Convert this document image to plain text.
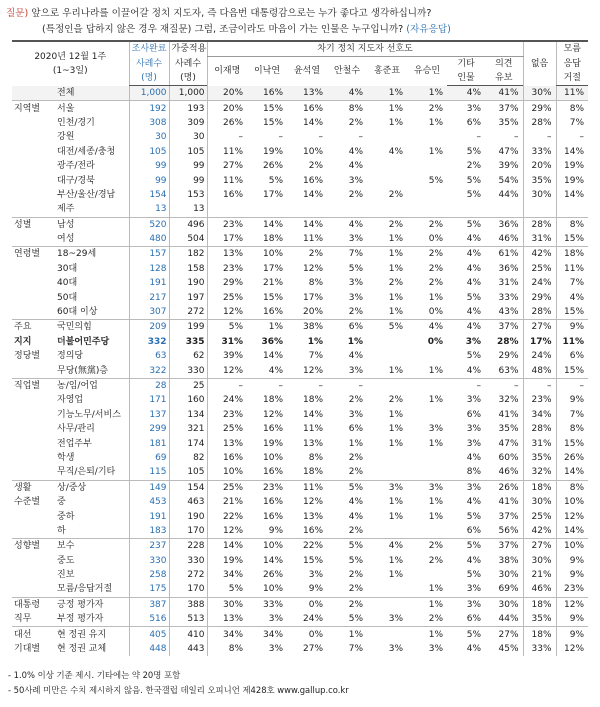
질문) 앞으로 우리나라를 이끌어갈 정치 지도자, 즉 다음번 대통령감으로는 누가 좋다고 생각하십니까?
(특정인을 답하지 않은 경우 재질문) 그럼, 조금이라도 마음이 가는 인물은 누구입니까? (자유응답)
2020년 12월 1주
(1~3일)		조사완료	가중적용	차기 정치 지도자 선호도								없음	모름
		사례수	사례수	이재명	이낙연	윤석열	안철수	홍준표	유승민	기타	의견		응답
		(명)	(명)							인물	유보		거절
	전체	1,000	1,000	20%	16%	13%	4%	1%	1%	4%	41%	30%	11%
지역별	서울	192	193	20%	15%	16%	8%	1%	2%	3%	37%	29%	8%
	인천/경기	308	309	26%	15%	14%	2%	1%	1%	6%	35%	28%	7%
	강원	30	30	–	–	–	–			–	–	–	–
	대전/세종/충청	105	105	11%	19%	10%	4%	4%	1%	5%	47%	33%	14%
	광주/전라	99	99	27%	26%	2%	4%			2%	39%	20%	19%
	대구/경북	99	99	11%	5%	16%	3%		5%	5%	54%	35%	19%
	부산/울산/경남	154	153	16%	17%	14%	2%	2%		5%	44%	30%	14%
	제주	13	13										
성별	남성	520	496	23%	14%	14%	4%	2%	2%	5%	36%	28%	8%
	여성	480	504	17%	18%	11%	3%	1%	0%	4%	46%	31%	15%
연령별	18~29세	157	182	13%	10%	2%	7%	1%	2%	4%	61%	42%	18%
	30대	128	158	23%	17%	12%	5%	1%	2%	4%	36%	25%	11%
	40대	191	190	29%	21%	8%	3%	2%	2%	4%	31%	24%	7%
	50대	217	197	25%	15%	17%	3%	1%	1%	5%	33%	29%	4%
	60대 이상	307	272	12%	16%	20%	2%	1%	0%	4%	43%	28%	15%
주요	국민의힘	209	199	5%	1%	38%	6%	5%	4%	4%	37%	27%	9%
지지	더불어민주당	332	335	31%	36%	1%	1%		0%	3%	28%	17%	11%
정당별	정의당	63	62	39%	14%	7%	4%			5%	29%	24%	6%
	무당(無黨)층	322	330	12%	4%	12%	3%	1%	1%	4%	63%	48%	15%
직업별	농/임/어업	28	25	–	–	–	–			–	–	–	–
	자영업	171	160	24%	18%	18%	2%	2%	1%	3%	32%	23%	9%
	기능노무/서비스	137	134	23%	12%	14%	3%	1%		6%	41%	34%	7%
	사무/관리	299	321	25%	16%	11%	6%	1%	3%	3%	35%	28%	8%
	전업주부	181	174	13%	19%	13%	1%	1%	1%	3%	47%	31%	15%
	학생	69	82	16%	10%	8%	2%			4%	60%	35%	26%
	무직/은퇴/기타	115	105	10%	16%	18%	2%			8%	46%	32%	14%
생활	상/중상	149	154	25%	23%	11%	5%	3%	3%	3%	26%	18%	8%
수준별	중	453	463	21%	16%	12%	4%	1%	1%	4%	41%	30%	10%
	중하	191	190	22%	16%	13%	4%	1%	1%	5%	37%	25%	12%
	하	183	170	12%	9%	16%	2%			6%	56%	42%	14%
성향별	보수	237	228	14%	10%	22%	5%	4%	2%	5%	37%	27%	10%
	중도	330	330	19%	14%	15%	5%	1%	2%	4%	38%	30%	9%
	진보	258	272	34%	26%	3%	2%	1%		5%	30%	21%	9%
	모름/응답거절	175	170	5%	10%	9%	2%		1%	3%	69%	46%	23%
대통령	긍정 평가자	387	388	30%	33%	0%	2%		1%	3%	30%	18%	12%
직무	부정 평가자	516	513	13%	3%	24%	5%	3%	2%	6%	44%	35%	9%
대선	현 정권 유지	405	410	34%	34%	0%	1%		1%	5%	27%	18%	9%
기대별	현 정권 교체	448	443	8%	3%	27%	7%	3%	3%	4%	45%	33%	12%
- 1.0% 이상 기준 제시. 기타에는 약 20명 포함
- 50사례 미만은 수치 제시하지 않음. 한국갤럽 데일리 오피니언 제428호 www.gallup.co.kr
